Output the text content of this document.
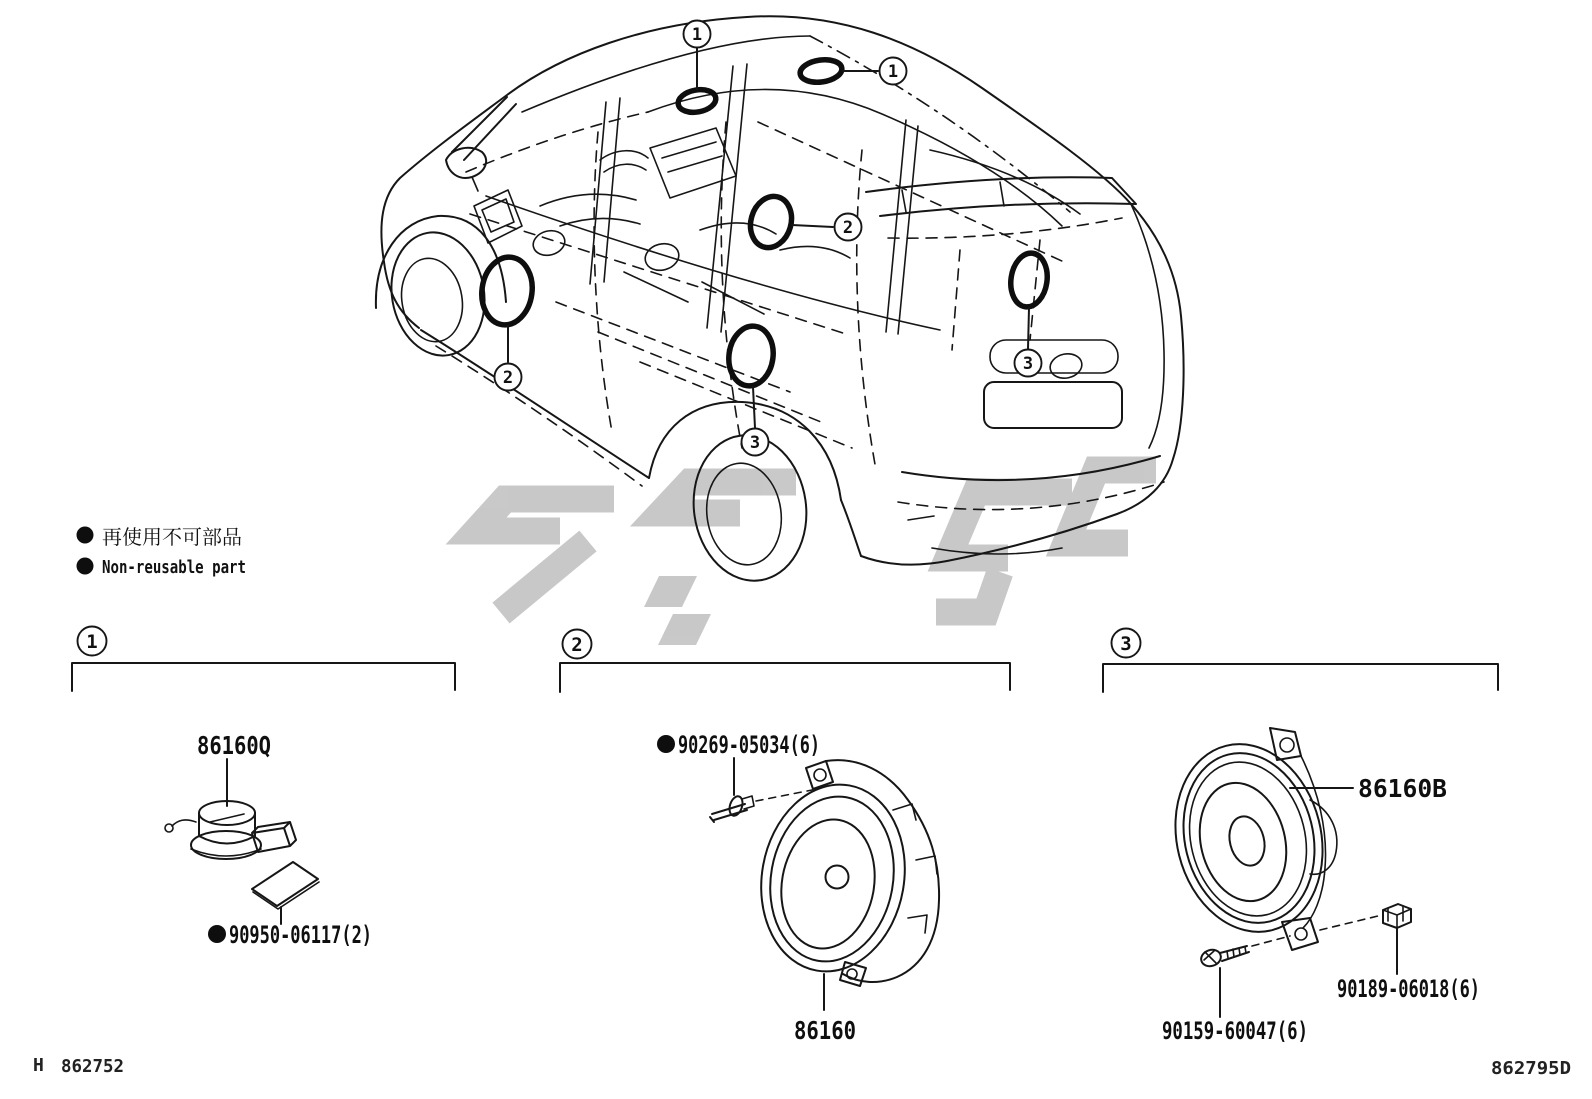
1
1
2
2
3
3
再使用不可部品
Non-reusable part
1	2	3
86160Q
90950-06117(2)
90269-05034(6)
86160
86160B
90159-60047(6)
90189-06018(6)
H 862752	862795D
